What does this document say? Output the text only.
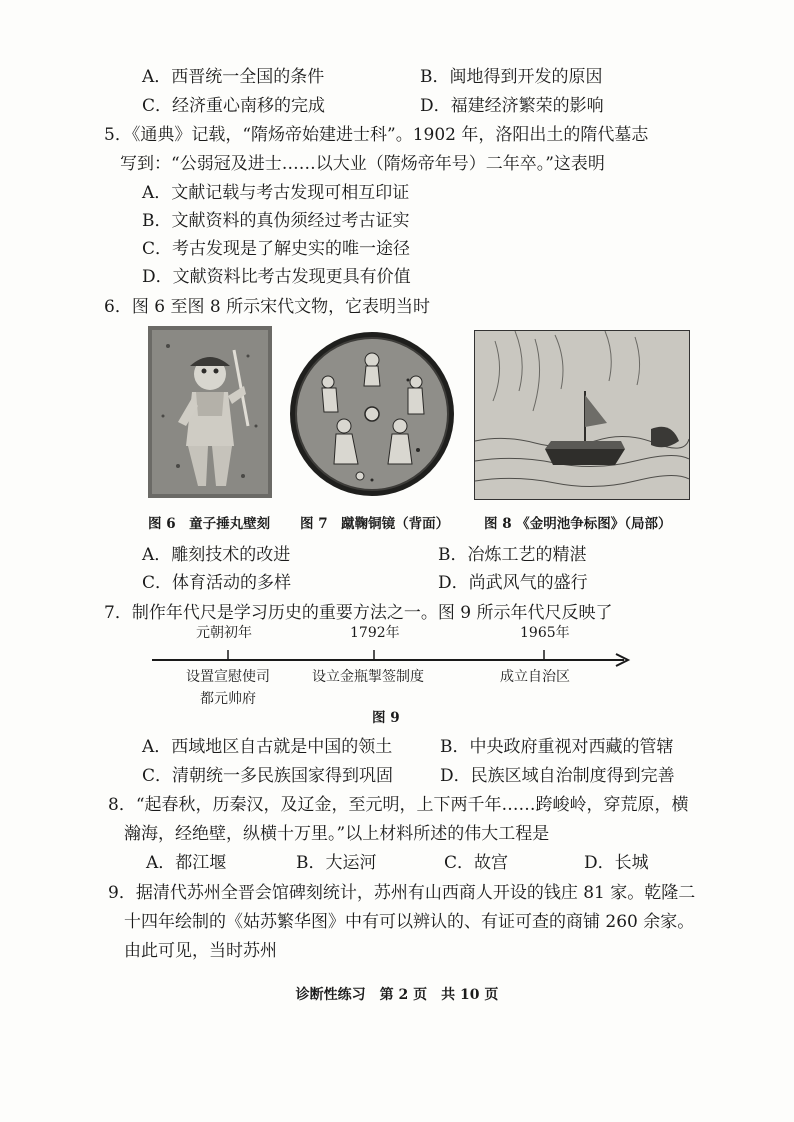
A．西晋统一全国的条件	B．闽地得到开发的原因
C．经济重心南移的完成	D．福建经济繁荣的影响
5．《通典》记载，“隋炀帝始建进士科”。1902 年，洛阳出土的隋代墓志
写到：“公弱冠及进士……以大业（隋炀帝年号）二年卒。”这表明
A．文献记载与考古发现可相互印证
B．文献资料的真伪须经过考古证实
C．考古发现是了解史实的唯一途径
D．文献资料比考古发现更具有价值
6．图 6 至图 8 所示宋代文物，它表明当时
图 6　童子捶丸壁刻 图 7　蹴鞠铜镜（背面）	图 8 《金明池争标图》（局部）
A．雕刻技术的改进	B．冶炼工艺的精湛
C．体育活动的多样	D．尚武风气的盛行
7．制作年代尺是学习历史的重要方法之一。图 9 所示年代尺反映了
元朝初年	1792年	1965年
设置宣慰使司
都元帅府
设立金瓶掣签制度	成立自治区
图 9
A．西域地区自古就是中国的领土	B．中央政府重视对西藏的管辖
C．清朝统一多民族国家得到巩固	D．民族区域自治制度得到完善
8．“起春秋，历秦汉，及辽金，至元明，上下两千年……跨峻岭，穿荒原，横
瀚海，经绝壁，纵横十万里。”以上材料所述的伟大工程是
A．都江堰	B．大运河	C．故宫	D．长城
9．据清代苏州全晋会馆碑刻统计，苏州有山西商人开设的钱庄 81 家。乾隆二
十四年绘制的《姑苏繁华图》中有可以辨认的、有证可查的商铺 260 余家。
由此可见，当时苏州
诊断性练习　第 2 页　共 10 页
